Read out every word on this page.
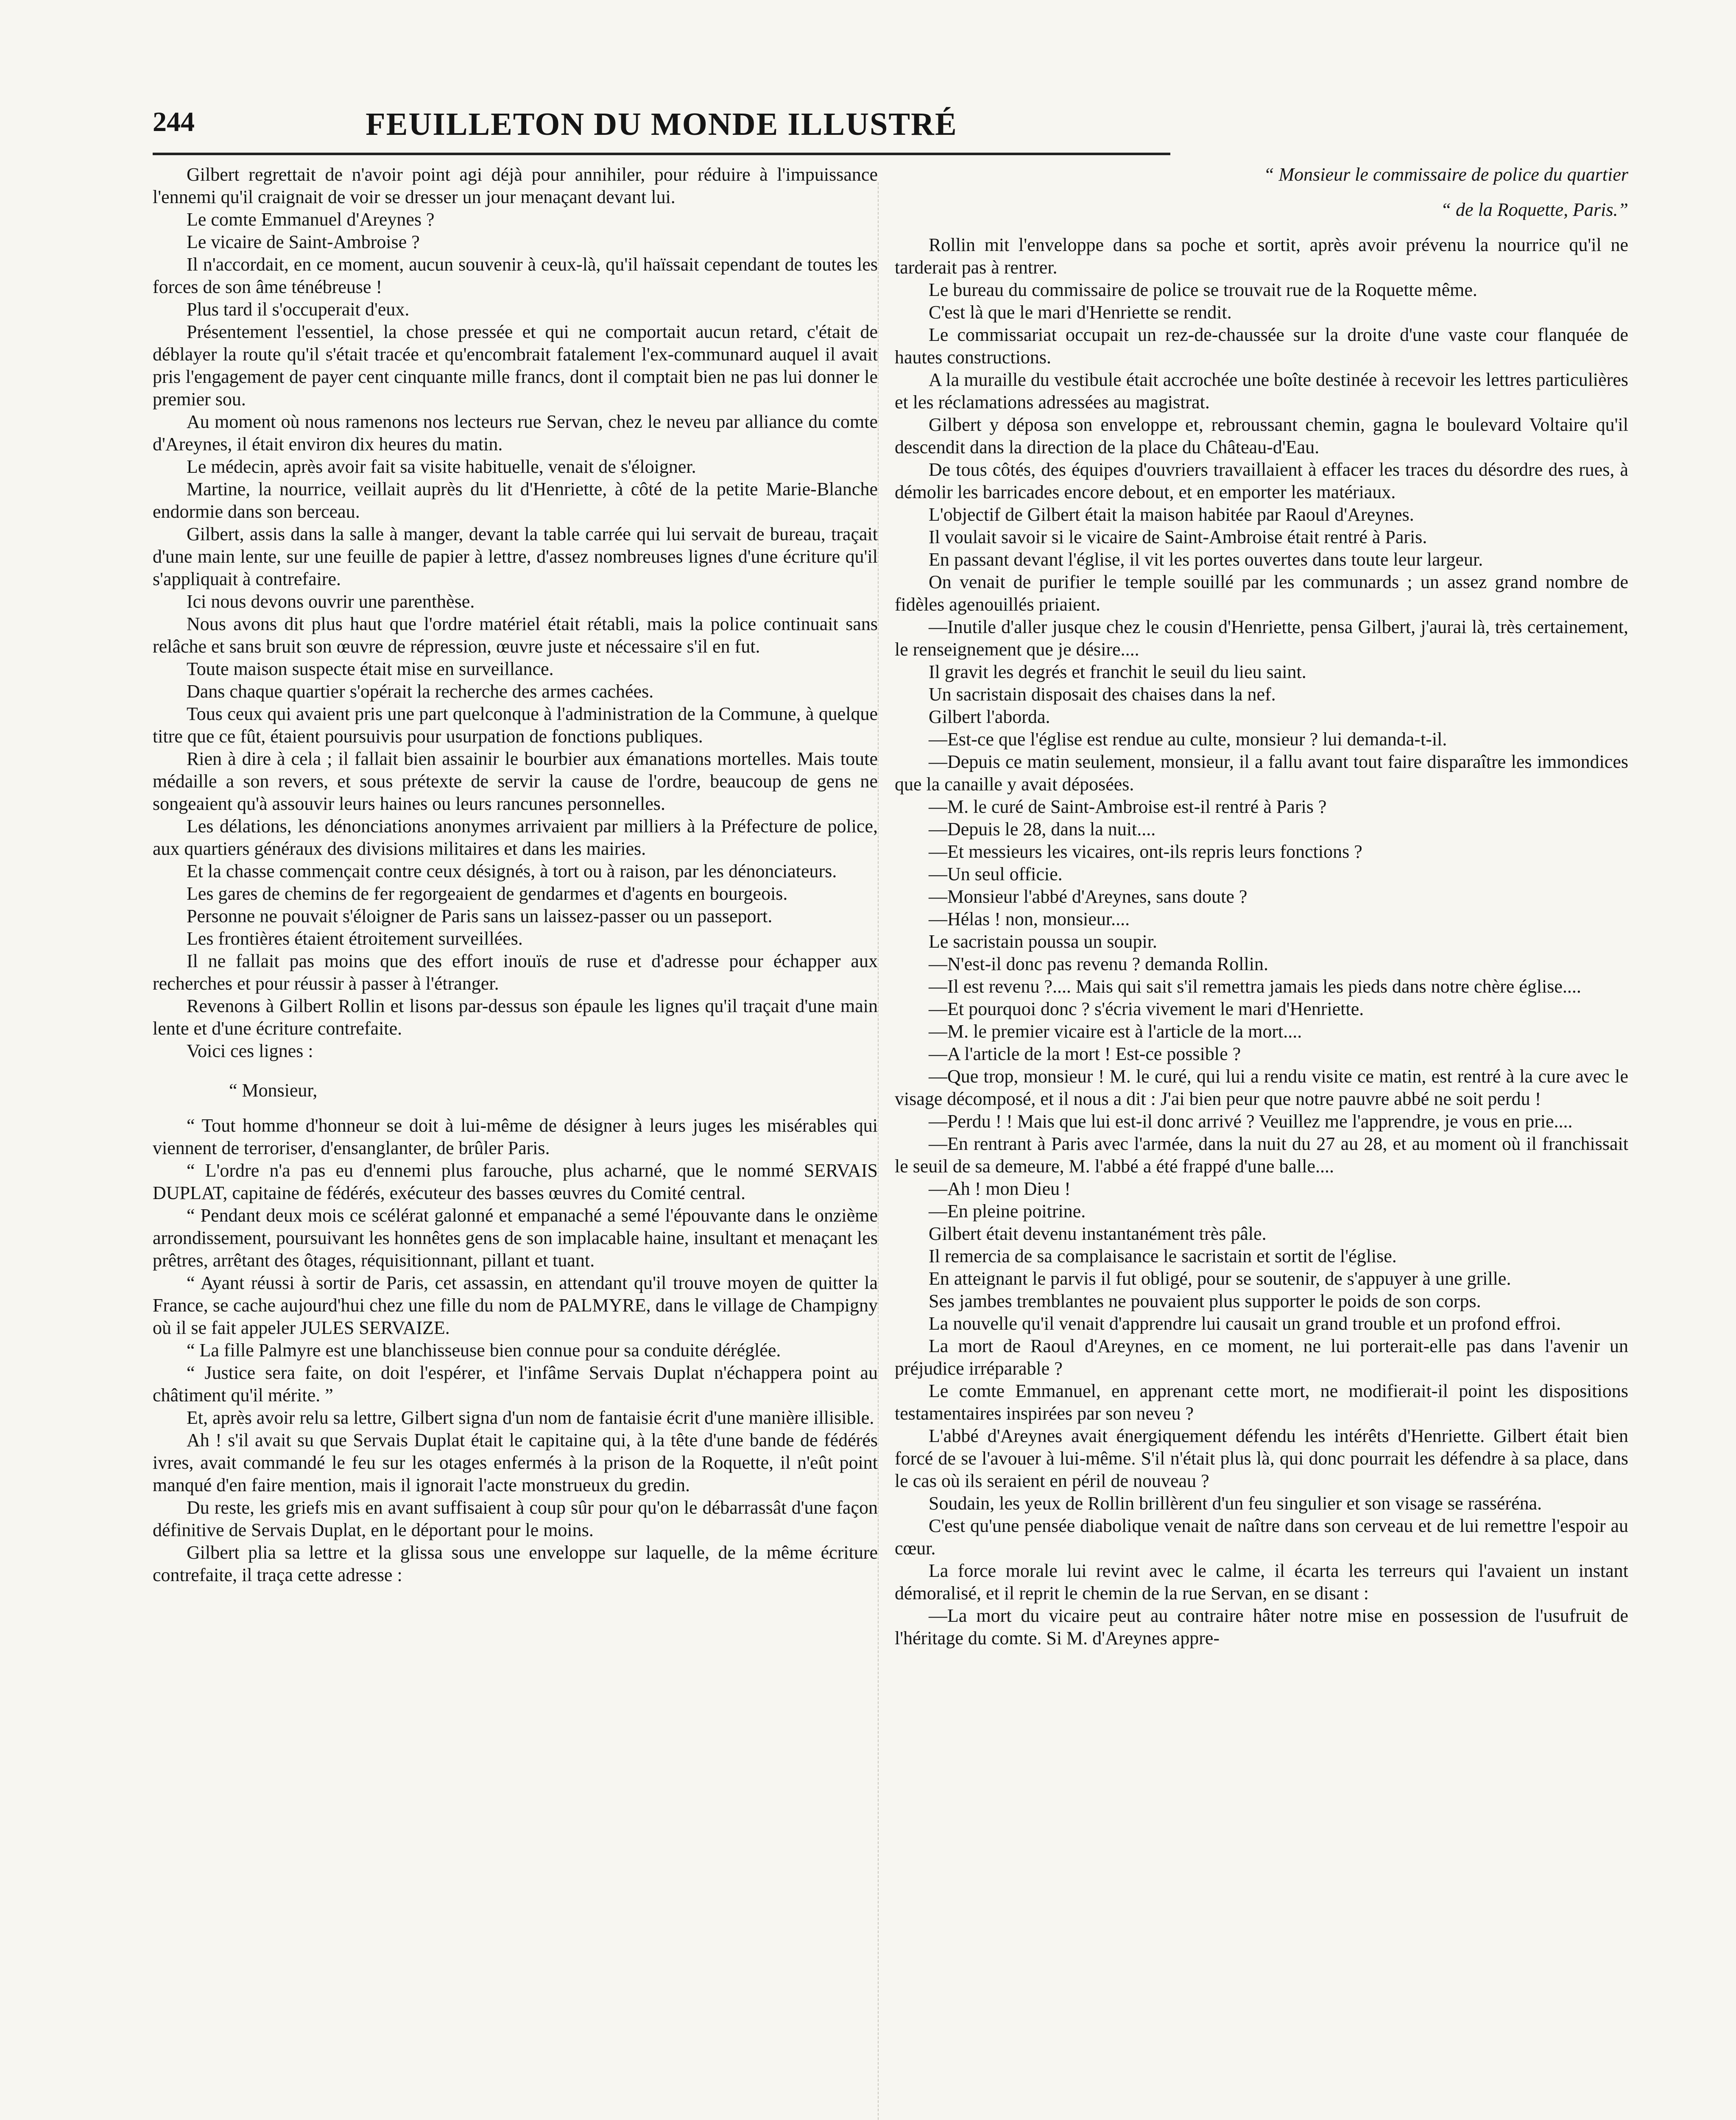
244	FEUILLETON DU MONDE ILLUSTRÉ

Gilbert regrettait de n'avoir point agi déjà pour annihiler, pour réduire à l'impuissance l'ennemi qu'il craignait de voir se dresser un jour menaçant devant lui.

Le comte Emmanuel d'Areynes ?

Le vicaire de Saint-Ambroise ?

Il n'accordait, en ce moment, aucun souvenir à ceux-là, qu'il haïssait cependant de toutes les forces de son âme ténébreuse !

Plus tard il s'occuperait d'eux.

Présentement l'essentiel, la chose pressée et qui ne comportait aucun retard, c'était de déblayer la route qu'il s'était tracée et qu'encombrait fatalement l'ex-communard auquel il avait pris l'engagement de payer cent cinquante mille francs, dont il comptait bien ne pas lui donner le premier sou.

Au moment où nous ramenons nos lecteurs rue Servan, chez le neveu par alliance du comte d'Areynes, il était environ dix heures du matin.

Le médecin, après avoir fait sa visite habituelle, venait de s'éloigner.

Martine, la nourrice, veillait auprès du lit d'Henriette, à côté de la petite Marie-Blanche endormie dans son berceau.

Gilbert, assis dans la salle à manger, devant la table carrée qui lui servait de bureau, traçait d'une main lente, sur une feuille de papier à lettre, d'assez nombreuses lignes d'une écriture qu'il s'appliquait à contrefaire.

Ici nous devons ouvrir une parenthèse.

Nous avons dit plus haut que l'ordre matériel était rétabli, mais la police continuait sans relâche et sans bruit son œuvre de répression, œuvre juste et nécessaire s'il en fut.

Toute maison suspecte était mise en surveillance.

Dans chaque quartier s'opérait la recherche des armes cachées.

Tous ceux qui avaient pris une part quelconque à l'administration de la Commune, à quelque titre que ce fût, étaient poursuivis pour usurpation de fonctions publiques.

Rien à dire à cela ; il fallait bien assainir le bourbier aux émanations mortelles. Mais toute médaille a son revers, et sous prétexte de servir la cause de l'ordre, beaucoup de gens ne songeaient qu'à assouvir leurs haines ou leurs rancunes personnelles.

Les délations, les dénonciations anonymes arrivaient par milliers à la Préfecture de police, aux quartiers généraux des divisions militaires et dans les mairies.

Et la chasse commençait contre ceux désignés, à tort ou à raison, par les dénonciateurs.

Les gares de chemins de fer regorgeaient de gendarmes et d'agents en bourgeois.

Personne ne pouvait s'éloigner de Paris sans un laissez-passer ou un passeport.

Les frontières étaient étroitement surveillées.

Il ne fallait pas moins que des effort inouïs de ruse et d'adresse pour échapper aux recherches et pour réussir à passer à l'étranger.

Revenons à Gilbert Rollin et lisons par-dessus son épaule les lignes qu'il traçait d'une main lente et d'une écriture contrefaite.

Voici ces lignes :

“ Monsieur,

“ Tout homme d'honneur se doit à lui-même de désigner à leurs juges les misérables qui viennent de terroriser, d'ensanglanter, de brûler Paris.

“ L'ordre n'a pas eu d'ennemi plus farouche, plus acharné, que le nommé SERVAIS DUPLAT, capitaine de fédérés, exécuteur des basses œuvres du Comité central.

“ Pendant deux mois ce scélérat galonné et empanaché a semé l'épouvante dans le onzième arrondissement, poursuivant les honnêtes gens de son implacable haine, insultant et menaçant les prêtres, arrêtant des ôtages, réquisitionnant, pillant et tuant.

“ Ayant réussi à sortir de Paris, cet assassin, en attendant qu'il trouve moyen de quitter la France, se cache aujourd'hui chez une fille du nom de PALMYRE, dans le village de Champigny où il se fait appeler JULES SERVAIZE.

“ La fille Palmyre est une blanchisseuse bien connue pour sa conduite déréglée.

“ Justice sera faite, on doit l'espérer, et l'infâme Servais Duplat n'échappera point au châtiment qu'il mérite. ”

Et, après avoir relu sa lettre, Gilbert signa d'un nom de fantaisie écrit d'une manière illisible.

Ah ! s'il avait su que Servais Duplat était le capitaine qui, à la tête d'une bande de fédérés ivres, avait commandé le feu sur les otages enfermés à la prison de la Roquette, il n'eût point manqué d'en faire mention, mais il ignorait l'acte monstrueux du gredin.

Du reste, les griefs mis en avant suffisaient à coup sûr pour qu'on le débarrassât d'une façon définitive de Servais Duplat, en le déportant pour le moins.

Gilbert plia sa lettre et la glissa sous une enveloppe sur laquelle, de la même écriture contrefaite, il traça cette adresse :

“ Monsieur le commissaire de police du quartier

“ de la Roquette, Paris.”

Rollin mit l'enveloppe dans sa poche et sortit, après avoir prévenu la nourrice qu'il ne tarderait pas à rentrer.

Le bureau du commissaire de police se trouvait rue de la Roquette même.

C'est là que le mari d'Henriette se rendit.

Le commissariat occupait un rez-de-chaussée sur la droite d'une vaste cour flanquée de hautes constructions.

A la muraille du vestibule était accrochée une boîte destinée à recevoir les lettres particulières et les réclamations adressées au magistrat.

Gilbert y déposa son enveloppe et, rebroussant chemin, gagna le boulevard Voltaire qu'il descendit dans la direction de la place du Château-d'Eau.

De tous côtés, des équipes d'ouvriers travaillaient à effacer les traces du désordre des rues, à démolir les barricades encore debout, et en emporter les matériaux.

L'objectif de Gilbert était la maison habitée par Raoul d'Areynes.

Il voulait savoir si le vicaire de Saint-Ambroise était rentré à Paris.

En passant devant l'église, il vit les portes ouvertes dans toute leur largeur.

On venait de purifier le temple souillé par les communards ; un assez grand nombre de fidèles agenouillés priaient.

—Inutile d'aller jusque chez le cousin d'Henriette, pensa Gilbert, j'aurai là, très certainement, le renseignement que je désire....

Il gravit les degrés et franchit le seuil du lieu saint.

Un sacristain disposait des chaises dans la nef.

Gilbert l'aborda.

—Est-ce que l'église est rendue au culte, monsieur ? lui demanda-t-il.

—Depuis ce matin seulement, monsieur, il a fallu avant tout faire disparaître les immondices que la canaille y avait déposées.

—M. le curé de Saint-Ambroise est-il rentré à Paris ?

—Depuis le 28, dans la nuit....

—Et messieurs les vicaires, ont-ils repris leurs fonctions ?

—Un seul officie.

—Monsieur l'abbé d'Areynes, sans doute ?

—Hélas ! non, monsieur....

Le sacristain poussa un soupir.

—N'est-il donc pas revenu ? demanda Rollin.

—Il est revenu ?.... Mais qui sait s'il remettra jamais les pieds dans notre chère église....

—Et pourquoi donc ? s'écria vivement le mari d'Henriette.

—M. le premier vicaire est à l'article de la mort....

—A l'article de la mort ! Est-ce possible ?

—Que trop, monsieur ! M. le curé, qui lui a rendu visite ce matin, est rentré à la cure avec le visage décomposé, et il nous a dit : J'ai bien peur que notre pauvre abbé ne soit perdu !

—Perdu ! ! Mais que lui est-il donc arrivé ? Veuillez me l'apprendre, je vous en prie....

—En rentrant à Paris avec l'armée, dans la nuit du 27 au 28, et au moment où il franchissait le seuil de sa demeure, M. l'abbé a été frappé d'une balle....

—Ah ! mon Dieu !

—En pleine poitrine.

Gilbert était devenu instantanément très pâle.

Il remercia de sa complaisance le sacristain et sortit de l'église.

En atteignant le parvis il fut obligé, pour se soutenir, de s'appuyer à une grille.

Ses jambes tremblantes ne pouvaient plus supporter le poids de son corps.

La nouvelle qu'il venait d'apprendre lui causait un grand trouble et un profond effroi.

La mort de Raoul d'Areynes, en ce moment, ne lui porterait-elle pas dans l'avenir un préjudice irréparable ?

Le comte Emmanuel, en apprenant cette mort, ne modifierait-il point les dispositions testamentaires inspirées par son neveu ?

L'abbé d'Areynes avait énergiquement défendu les intérêts d'Henriette. Gilbert était bien forcé de se l'avouer à lui-même. S'il n'était plus là, qui donc pourrait les défendre à sa place, dans le cas où ils seraient en péril de nouveau ?

Soudain, les yeux de Rollin brillèrent d'un feu singulier et son visage se rasséréna.

C'est qu'une pensée diabolique venait de naître dans son cerveau et de lui remettre l'espoir au cœur.

La force morale lui revint avec le calme, il écarta les terreurs qui l'avaient un instant démoralisé, et il reprit le chemin de la rue Servan, en se disant :

—La mort du vicaire peut au contraire hâter notre mise en possession de l'usufruit de l'héritage du comte. Si M. d'Areynes appre-
